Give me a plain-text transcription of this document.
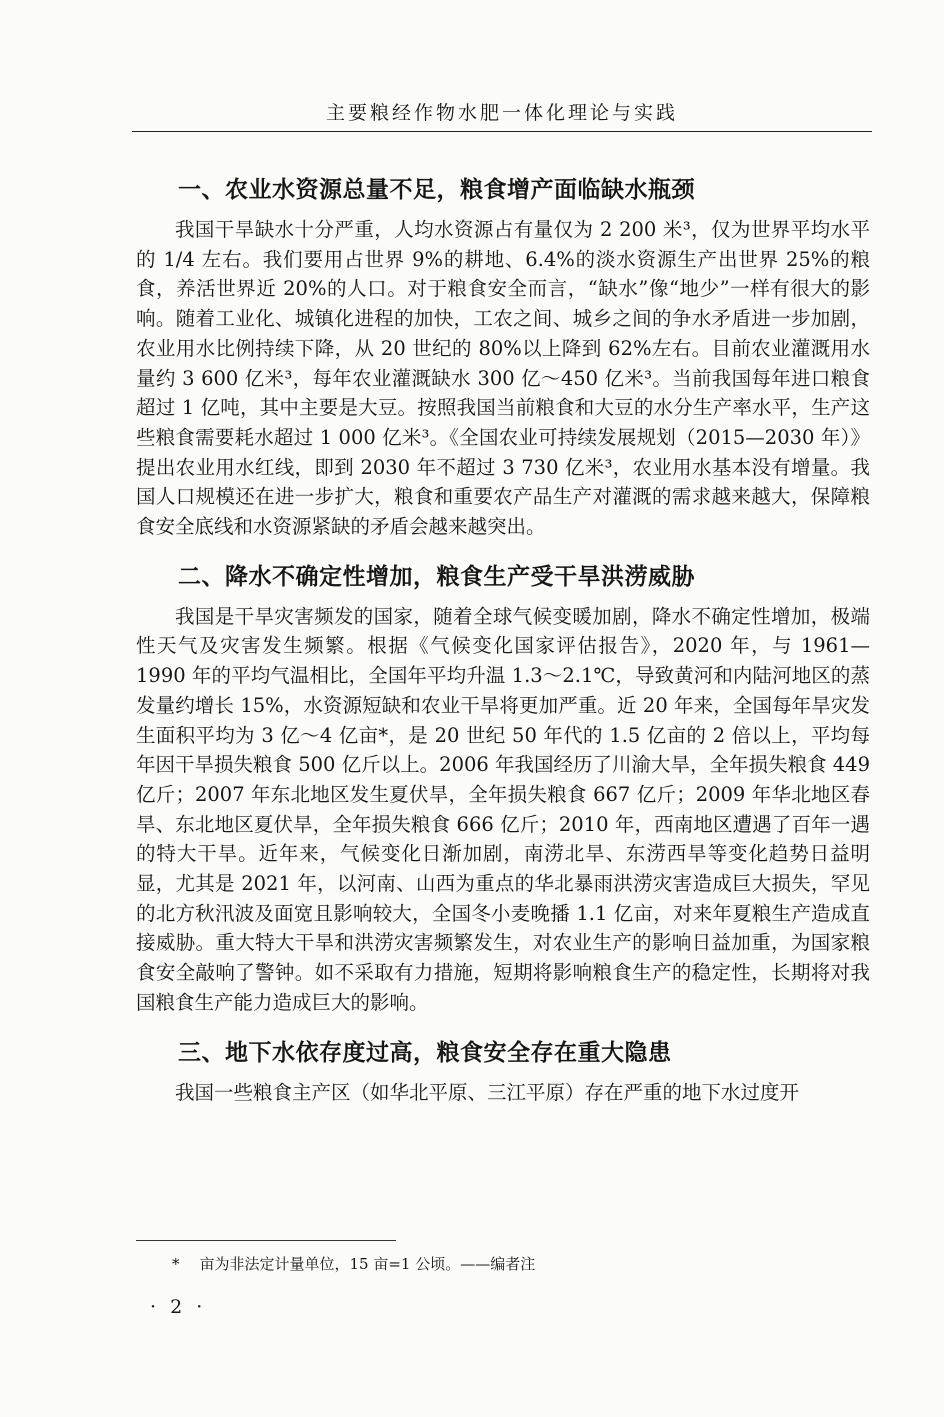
主要粮经作物水肥一体化理论与实践
一、农业水资源总量不足，粮食增产面临缺水瓶颈

我国干旱缺水十分严重，人均水资源占有量仅为 2 200 米³，仅为世界平均水平的 1/4 左右。我们要用占世界 9%的耕地、6.4%的淡水资源生产出世界 25%的粮食，养活世界近 20%的人口。对于粮食安全而言，“缺水”像“地少”一样有很大的影响。随着工业化、城镇化进程的加快，工农之间、城乡之间的争水矛盾进一步加剧，农业用水比例持续下降，从 20 世纪的 80%以上降到 62%左右。目前农业灌溉用水量约 3 600 亿米³，每年农业灌溉缺水 300 亿～450 亿米³。当前我国每年进口粮食超过 1 亿吨，其中主要是大豆。按照我国当前粮食和大豆的水分生产率水平，生产这些粮食需要耗水超过 1 000 亿米³。《全国农业可持续发展规划（2015—2030 年）》提出农业用水红线，即到 2030 年不超过 3 730 亿米³，农业用水基本没有增量。我国人口规模还在进一步扩大，粮食和重要农产品生产对灌溉的需求越来越大，保障粮食安全底线和水资源紧缺的矛盾会越来越突出。

二、降水不确定性增加，粮食生产受干旱洪涝威胁

我国是干旱灾害频发的国家，随着全球气候变暖加剧，降水不确定性增加，极端性天气及灾害发生频繁。根据《气候变化国家评估报告》，2020 年，与 1961—1990 年的平均气温相比，全国年平均升温 1.3～2.1℃，导致黄河和内陆河地区的蒸发量约增长 15%，水资源短缺和农业干旱将更加严重。近 20 年来，全国每年旱灾发生面积平均为 3 亿～4 亿亩*，是 20 世纪 50 年代的 1.5 亿亩的 2 倍以上，平均每年因干旱损失粮食 500 亿斤以上。2006 年我国经历了川渝大旱，全年损失粮食 449 亿斤；2007 年东北地区发生夏伏旱，全年损失粮食 667 亿斤；2009 年华北地区春旱、东北地区夏伏旱，全年损失粮食 666 亿斤；2010 年，西南地区遭遇了百年一遇的特大干旱。近年来，气候变化日渐加剧，南涝北旱、东涝西旱等变化趋势日益明显，尤其是 2021 年，以河南、山西为重点的华北暴雨洪涝灾害造成巨大损失，罕见的北方秋汛波及面宽且影响较大，全国冬小麦晚播 1.1 亿亩，对来年夏粮生产造成直接威胁。重大特大干旱和洪涝灾害频繁发生，对农业生产的影响日益加重，为国家粮食安全敲响了警钟。如不采取有力措施，短期将影响粮食生产的稳定性，长期将对我国粮食生产能力造成巨大的影响。

三、地下水依存度过高，粮食安全存在重大隐患

我国一些粮食主产区（如华北平原、三江平原）存在严重的地下水过度开

* 亩为非法定计量单位，15 亩=1 公顷。——编者注
· 2 ·
